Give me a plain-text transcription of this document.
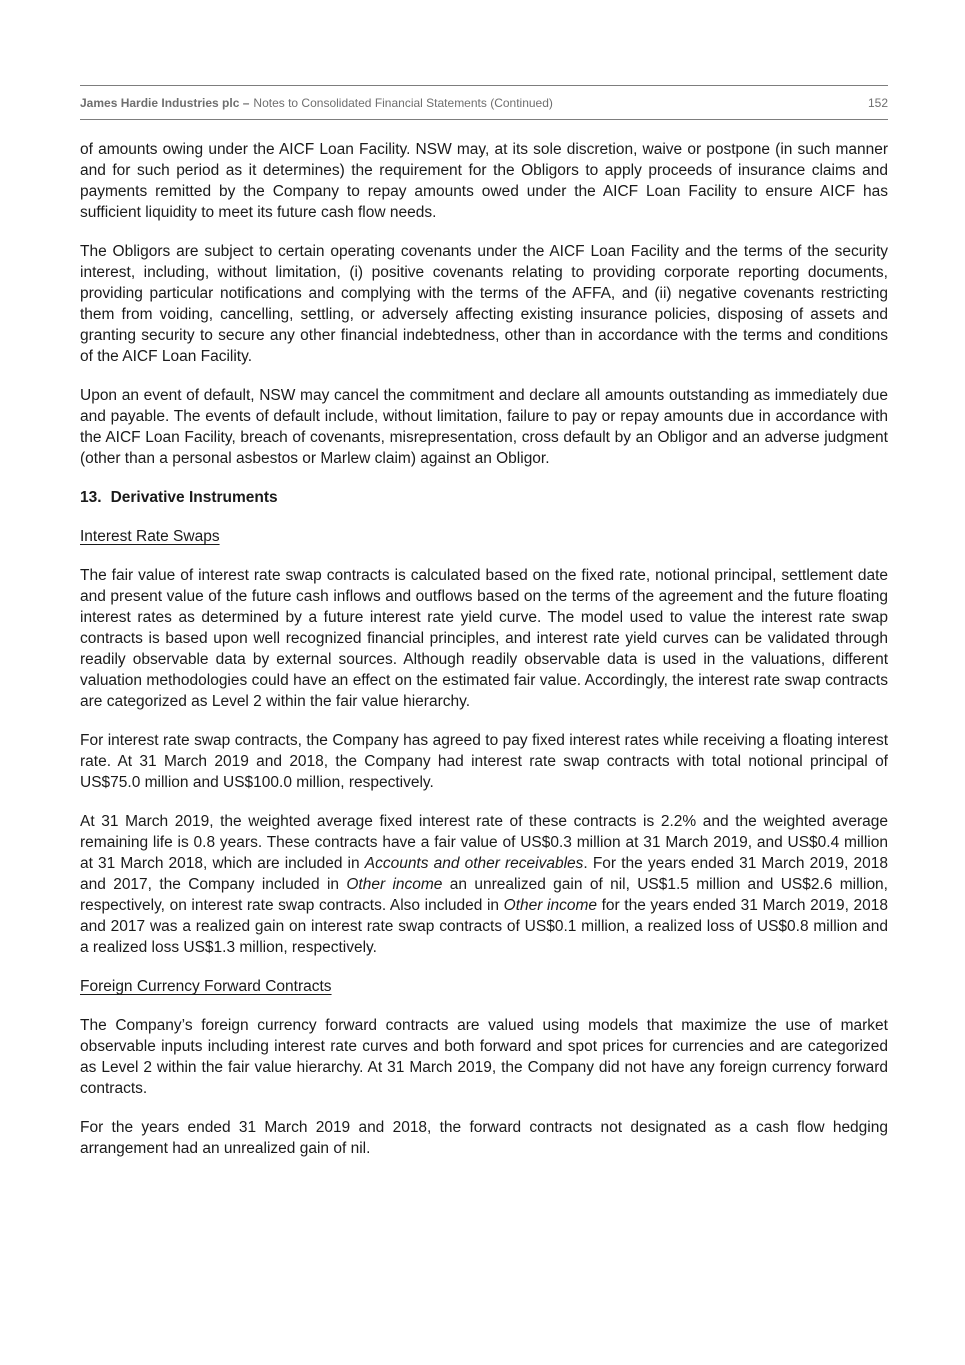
James Hardie Industries plc – Notes to Consolidated Financial Statements (Continued)	152

of amounts owing under the AICF Loan Facility. NSW may, at its sole discretion, waive or postpone (in such manner and for such period as it determines) the requirement for the Obligors to apply proceeds of insurance claims and payments remitted by the Company to repay amounts owed under the AICF Loan Facility to ensure AICF has sufficient liquidity to meet its future cash flow needs.

The Obligors are subject to certain operating covenants under the AICF Loan Facility and the terms of the security interest, including, without limitation, (i) positive covenants relating to providing corporate reporting documents, providing particular notifications and complying with the terms of the AFFA, and (ii) negative covenants restricting them from voiding, cancelling, settling, or adversely affecting existing insurance policies, disposing of assets and granting security to secure any other financial indebtedness, other than in accordance with the terms and conditions of the AICF Loan Facility.

Upon an event of default, NSW may cancel the commitment and declare all amounts outstanding as immediately due and payable. The events of default include, without limitation, failure to pay or repay amounts due in accordance with the AICF Loan Facility, breach of covenants, misrepresentation, cross default by an Obligor and an adverse judgment (other than a personal asbestos or Marlew claim) against an Obligor.

13. Derivative Instruments
Interest Rate Swaps

The fair value of interest rate swap contracts is calculated based on the fixed rate, notional principal, settlement date and present value of the future cash inflows and outflows based on the terms of the agreement and the future floating interest rates as determined by a future interest rate yield curve. The model used to value the interest rate swap contracts is based upon well recognized financial principles, and interest rate yield curves can be validated through readily observable data by external sources. Although readily observable data is used in the valuations, different valuation methodologies could have an effect on the estimated fair value. Accordingly, the interest rate swap contracts are categorized as Level 2 within the fair value hierarchy.

For interest rate swap contracts, the Company has agreed to pay fixed interest rates while receiving a floating interest rate. At 31 March 2019 and 2018, the Company had interest rate swap contracts with total notional principal of US$75.0 million and US$100.0 million, respectively.

At 31 March 2019, the weighted average fixed interest rate of these contracts is 2.2% and the weighted average remaining life is 0.8 years. These contracts have a fair value of US$0.3 million at 31 March 2019, and US$0.4 million at 31 March 2018, which are included in Accounts and other receivables. For the years ended 31 March 2019, 2018 and 2017, the Company included in Other income an unrealized gain of nil, US$1.5 million and US$2.6 million, respectively, on interest rate swap contracts. Also included in Other income for the years ended 31 March 2019, 2018 and 2017 was a realized gain on interest rate swap contracts of US$0.1 million, a realized loss of US$0.8 million and a realized loss US$1.3 million, respectively.

Foreign Currency Forward Contracts

The Company’s foreign currency forward contracts are valued using models that maximize the use of market observable inputs including interest rate curves and both forward and spot prices for currencies and are categorized as Level 2 within the fair value hierarchy. At 31 March 2019, the Company did not have any foreign currency forward contracts.

For the years ended 31 March 2019 and 2018, the forward contracts not designated as a cash flow hedging arrangement had an unrealized gain of nil.
